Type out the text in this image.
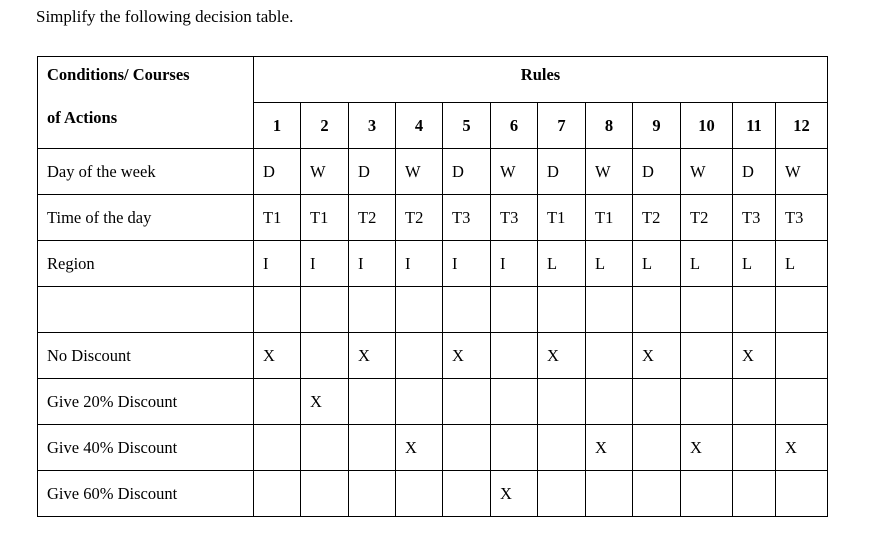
Simplify the following decision table.
Conditions/ Courses
of Actions	Rules											
	1	2	3	4	5	6	7	8	9	10	11	12
Day of the week	D	W	D	W	D	W	D	W	D	W	D	W
Time of the day	T1	T1	T2	T2	T3	T3	T1	T1	T2	T2	T3	T3
Region	I	I	I	I	I	I	L	L	L	L	L	L

No Discount	X		X		X		X		X		X	
Give 20% Discount		X										
Give 40% Discount				X				X		X		X
Give 60% Discount						X						
